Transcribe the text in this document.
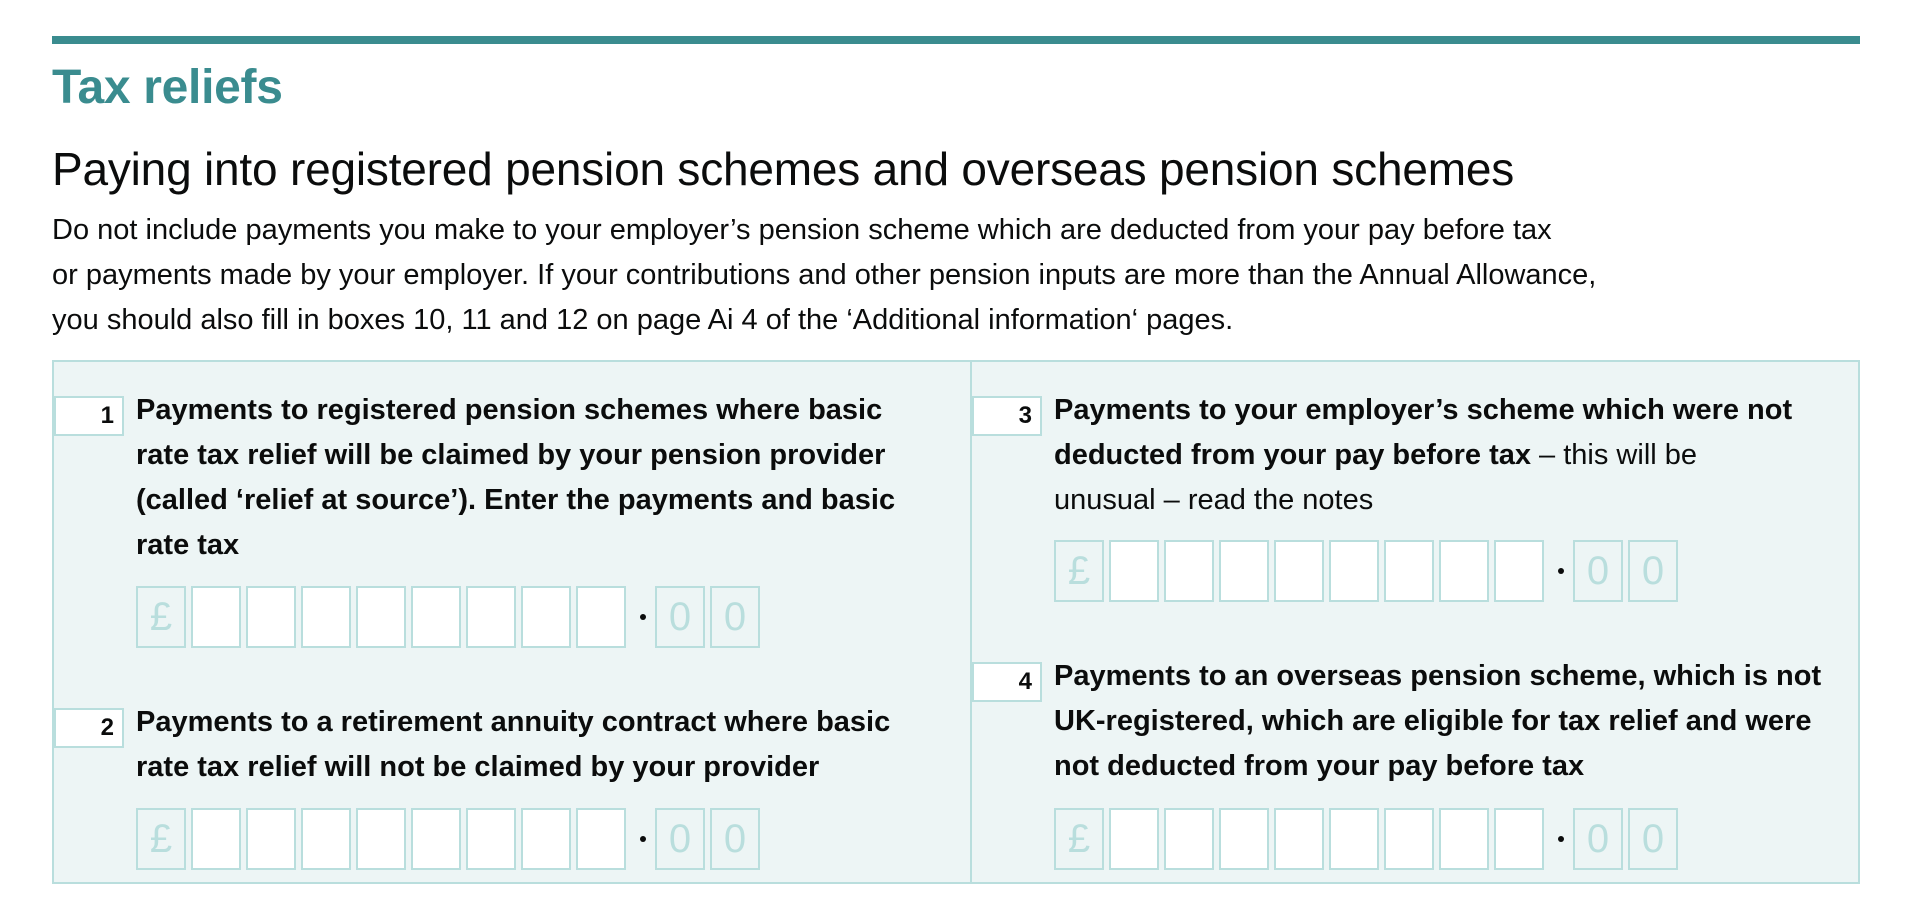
Tax reliefs
Paying into registered pension schemes and overseas pension schemes

Do not include payments you make to your employer’s pension scheme which are deducted from your pay before tax
or payments made by your employer. If your contributions and other pension inputs are more than the Annual Allowance,
you should also fill in boxes 10, 11 and 12 on page Ai 4 of the ‘Additional information‘ pages.

1 Payments to registered pension schemes where basic
rate tax relief will be claimed by your pension provider
(called ‘relief at source’). Enter the payments and basic
rate tax
£	0 0
2 Payments to a retirement annuity contract where basic
rate tax relief will not be claimed by your provider
£	0 0
3 Payments to your employer’s scheme which were not
deducted from your pay before tax – this will be
unusual – read the notes
£	0 0
4 Payments to an overseas pension scheme, which is not
UK-registered, which are eligible for tax relief and were
not deducted from your pay before tax
£	0 0
